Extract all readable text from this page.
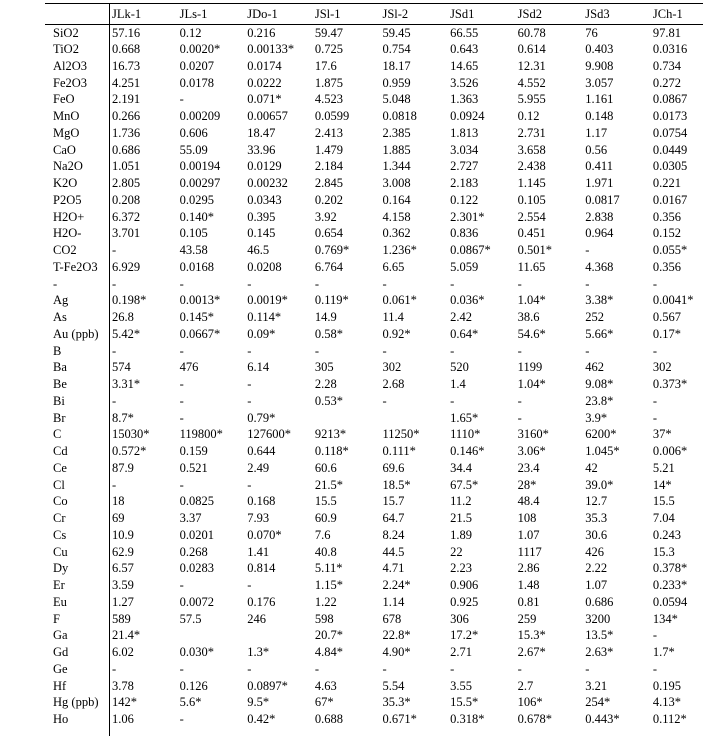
	JLk-1	JLs-1	JDo-1	JSl-1	JSl-2	JSd1	JSd2	JSd3	JCh-1
SiO2	57.16	0.12	0.216	59.47	59.45	66.55	60.78	76	97.81
TiO2	0.668	0.0020*	0.00133*	0.725	0.754	0.643	0.614	0.403	0.0316
Al2O3	16.73	0.0207	0.0174	17.6	18.17	14.65	12.31	9.908	0.734
Fe2O3	4.251	0.0178	0.0222	1.875	0.959	3.526	4.552	3.057	0.272
FeO	2.191	-	0.071*	4.523	5.048	1.363	5.955	1.161	0.0867
MnO	0.266	0.00209	0.00657	0.0599	0.0818	0.0924	0.12	0.148	0.0173
MgO	1.736	0.606	18.47	2.413	2.385	1.813	2.731	1.17	0.0754
CaO	0.686	55.09	33.96	1.479	1.885	3.034	3.658	0.56	0.0449
Na2O	1.051	0.00194	0.0129	2.184	1.344	2.727	2.438	0.411	0.0305
K2O	2.805	0.00297	0.00232	2.845	3.008	2.183	1.145	1.971	0.221
P2O5	0.208	0.0295	0.0343	0.202	0.164	0.122	0.105	0.0817	0.0167
H2O+	6.372	0.140*	0.395	3.92	4.158	2.301*	2.554	2.838	0.356
H2O-	3.701	0.105	0.145	0.654	0.362	0.836	0.451	0.964	0.152
CO2	-	43.58	46.5	0.769*	1.236*	0.0867*	0.501*	-	0.055*
T-Fe2O3	6.929	0.0168	0.0208	6.764	6.65	5.059	11.65	4.368	0.356
-	-	-	-	-	-	-	-	-	-
Ag	0.198*	0.0013*	0.0019*	0.119*	0.061*	0.036*	1.04*	3.38*	0.0041*
As	26.8	0.145*	0.114*	14.9	11.4	2.42	38.6	252	0.567
Au (ppb)	5.42*	0.0667*	0.09*	0.58*	0.92*	0.64*	54.6*	5.66*	0.17*
B	-	-	-	-	-	-	-	-	-
Ba	574	476	6.14	305	302	520	1199	462	302
Be	3.31*	-	-	2.28	2.68	1.4	1.04*	9.08*	0.373*
Bi	-	-	-	0.53*	-	-	-	23.8*	-
Br	8.7*	-	0.79*			1.65*	-	3.9*	-
C	15030*	119800*	127600*	9213*	11250*	1110*	3160*	6200*	37*
Cd	0.572*	0.159	0.644	0.118*	0.111*	0.146*	3.06*	1.045*	0.006*
Ce	87.9	0.521	2.49	60.6	69.6	34.4	23.4	42	5.21
Cl	-	-	-	21.5*	18.5*	67.5*	28*	39.0*	14*
Co	18	0.0825	0.168	15.5	15.7	11.2	48.4	12.7	15.5
Cr	69	3.37	7.93	60.9	64.7	21.5	108	35.3	7.04
Cs	10.9	0.0201	0.070*	7.6	8.24	1.89	1.07	30.6	0.243
Cu	62.9	0.268	1.41	40.8	44.5	22	1117	426	15.3
Dy	6.57	0.0283	0.814	5.11*	4.71	2.23	2.86	2.22	0.378*
Er	3.59	-	-	1.15*	2.24*	0.906	1.48	1.07	0.233*
Eu	1.27	0.0072	0.176	1.22	1.14	0.925	0.81	0.686	0.0594
F	589	57.5	246	598	678	306	259	3200	134*
Ga	21.4*			20.7*	22.8*	17.2*	15.3*	13.5*	-
Gd	6.02	0.030*	1.3*	4.84*	4.90*	2.71	2.67*	2.63*	1.7*
Ge	-	-	-	-	-	-	-	-	-
Hf	3.78	0.126	0.0897*	4.63	5.54	3.55	2.7	3.21	0.195
Hg (ppb)	142*	5.6*	9.5*	67*	35.3*	15.5*	106*	254*	4.13*
Ho	1.06	-	0.42*	0.688	0.671*	0.318*	0.678*	0.443*	0.112*
